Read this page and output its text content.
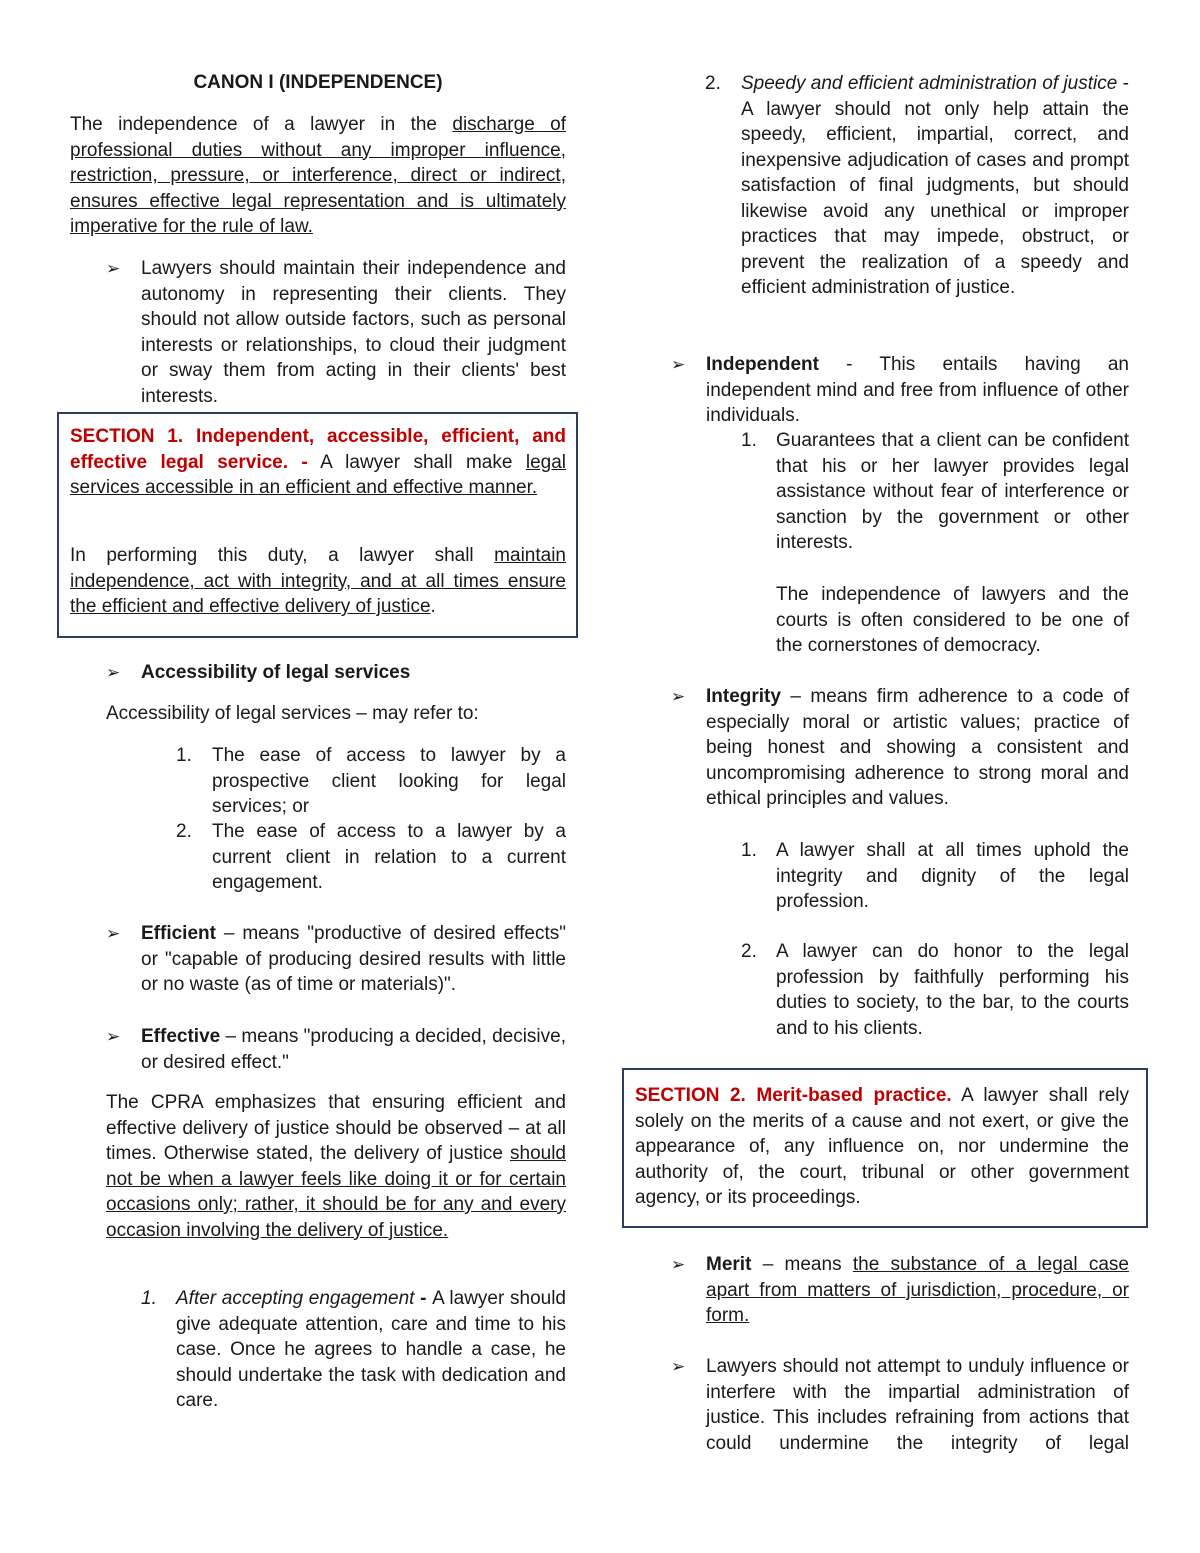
CANON I (INDEPENDENCE)

The independence of a lawyer in the discharge of professional duties without any improper influence, restriction, pressure, or interference, direct or indirect, ensures effective legal representation and is ultimately imperative for the rule of law.

➢ Lawyers should maintain their independence and autonomy in representing their clients. They should not allow outside factors, such as personal interests or relationships, to cloud their judgment or sway them from acting in their clients' best interests.

SECTION 1. Independent, accessible, efficient, and effective legal service. - A lawyer shall make legal services accessible in an efficient and effective manner.

In performing this duty, a lawyer shall maintain independence, act with integrity, and at all times ensure the efficient and effective delivery of justice.

➢ Accessibility of legal services

Accessibility of legal services – may refer to:

1. The ease of access to lawyer by a prospective client looking for legal services; or

2. The ease of access to a lawyer by a current client in relation to a current engagement.

➢ Efficient – means "productive of desired effects" or "capable of producing desired results with little or no waste (as of time or materials)".

➢ Effective – means "producing a decided, decisive, or desired effect."

The CPRA emphasizes that ensuring efficient and effective delivery of justice should be observed – at all times. Otherwise stated, the delivery of justice should not be when a lawyer feels like doing it or for certain occasions only; rather, it should be for any and every occasion involving the delivery of justice.

1. After accepting engagement - A lawyer should give adequate attention, care and time to his case. Once he agrees to handle a case, he should undertake the task with dedication and care.

2. Speedy and efficient administration of justice - A lawyer should not only help attain the speedy, efficient, impartial, correct, and inexpensive adjudication of cases and prompt satisfaction of final judgments, but should likewise avoid any unethical or improper practices that may impede, obstruct, or prevent the realization of a speedy and efficient administration of justice.

➢ Independent - This entails having an independent mind and free from influence of other individuals.

1. Guarantees that a client can be confident that his or her lawyer provides legal assistance without fear of interference or sanction by the government or other interests.

The independence of lawyers and the courts is often considered to be one of the cornerstones of democracy.

➢ Integrity – means firm adherence to a code of especially moral or artistic values; practice of being honest and showing a consistent and uncompromising adherence to strong moral and ethical principles and values.

1. A lawyer shall at all times uphold the integrity and dignity of the legal profession.

2. A lawyer can do honor to the legal profession by faithfully performing his duties to society, to the bar, to the courts and to his clients.

SECTION 2. Merit-based practice. A lawyer shall rely solely on the merits of a cause and not exert, or give the appearance of, any influence on, nor undermine the authority of, the court, tribunal or other government agency, or its proceedings.

➢ Merit – means the substance of a legal case apart from matters of jurisdiction, procedure, or form.

➢ Lawyers should not attempt to unduly influence or interfere with the impartial administration of justice. This includes refraining from actions that could undermine the integrity of legal
